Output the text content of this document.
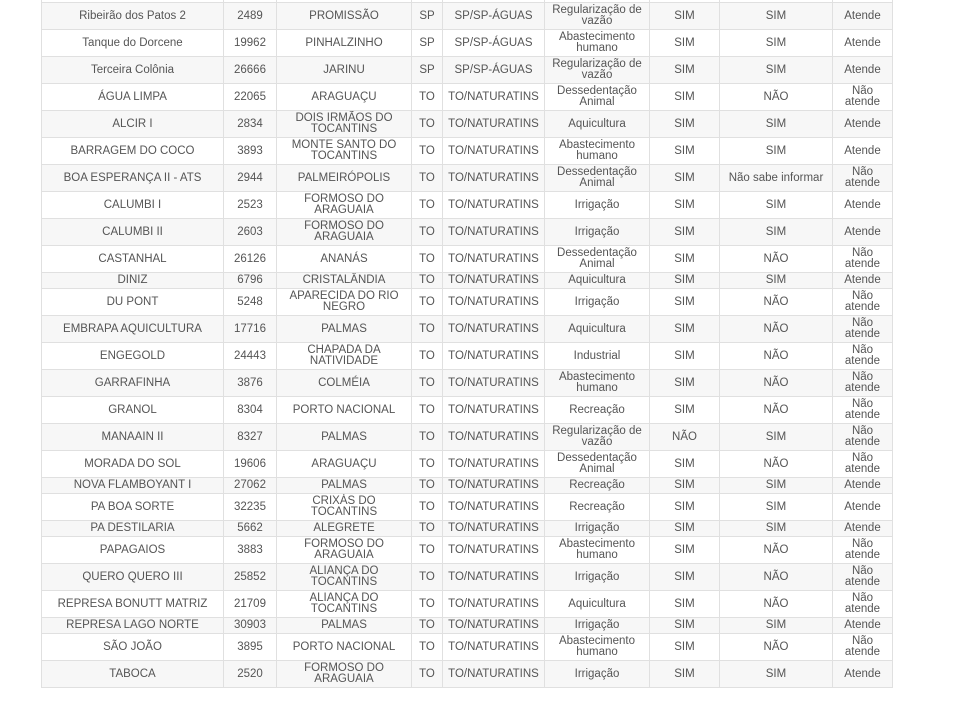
Ribeirão dos Patos 2	2489	PROMISSÃO	SP	SP/SP-ÁGUAS	Regularização de vazão	SIM	SIM	Atende
Tanque do Dorcene	19962	PINHALZINHO	SP	SP/SP-ÁGUAS	Abastecimento humano	SIM	SIM	Atende
Terceira Colônia	26666	JARINU	SP	SP/SP-ÁGUAS	Regularização de vazão	SIM	SIM	Atende
ÁGUA LIMPA	22065	ARAGUAÇU	TO	TO/NATURATINS	Dessedentação Animal	SIM	NÃO	Não atende
ALCIR I	2834	DOIS IRMÃOS DO TOCANTINS	TO	TO/NATURATINS	Aquicultura	SIM	SIM	Atende
BARRAGEM DO COCO	3893	MONTE SANTO DO TOCANTINS	TO	TO/NATURATINS	Abastecimento humano	SIM	SIM	Atende
BOA ESPERANÇA II - ATS	2944	PALMEIRÓPOLIS	TO	TO/NATURATINS	Dessedentação Animal	SIM	Não sabe informar	Não atende
CALUMBI I	2523	FORMOSO DO ARAGUAIA	TO	TO/NATURATINS	Irrigação	SIM	SIM	Atende
CALUMBI II	2603	FORMOSO DO ARAGUAIA	TO	TO/NATURATINS	Irrigação	SIM	SIM	Atende
CASTANHAL	26126	ANANÁS	TO	TO/NATURATINS	Dessedentação Animal	SIM	NÃO	Não atende
DINIZ	6796	CRISTALÂNDIA	TO	TO/NATURATINS	Aquicultura	SIM	SIM	Atende
DU PONT	5248	APARECIDA DO RIO NEGRO	TO	TO/NATURATINS	Irrigação	SIM	NÃO	Não atende
EMBRAPA AQUICULTURA	17716	PALMAS	TO	TO/NATURATINS	Aquicultura	SIM	NÃO	Não atende
ENGEGOLD	24443	CHAPADA DA NATIVIDADE	TO	TO/NATURATINS	Industrial	SIM	NÃO	Não atende
GARRAFINHA	3876	COLMÉIA	TO	TO/NATURATINS	Abastecimento humano	SIM	NÃO	Não atende
GRANOL	8304	PORTO NACIONAL	TO	TO/NATURATINS	Recreação	SIM	NÃO	Não atende
MANAAIN II	8327	PALMAS	TO	TO/NATURATINS	Regularização de vazão	NÃO	SIM	Não atende
MORADA DO SOL	19606	ARAGUAÇU	TO	TO/NATURATINS	Dessedentação Animal	SIM	NÃO	Não atende
NOVA FLAMBOYANT I	27062	PALMAS	TO	TO/NATURATINS	Recreação	SIM	SIM	Atende
PA BOA SORTE	32235	CRIXÁS DO TOCANTINS	TO	TO/NATURATINS	Recreação	SIM	SIM	Atende
PA DESTILARIA	5662	ALEGRETE	TO	TO/NATURATINS	Irrigação	SIM	SIM	Atende
PAPAGAIOS	3883	FORMOSO DO ARAGUAIA	TO	TO/NATURATINS	Abastecimento humano	SIM	NÃO	Não atende
QUERO QUERO III	25852	ALIANÇA DO TOCANTINS	TO	TO/NATURATINS	Irrigação	SIM	NÃO	Não atende
REPRESA BONUTT MATRIZ	21709	ALIANÇA DO TOCANTINS	TO	TO/NATURATINS	Aquicultura	SIM	NÃO	Não atende
REPRESA LAGO NORTE	30903	PALMAS	TO	TO/NATURATINS	Irrigação	SIM	SIM	Atende
SÃO JOÃO	3895	PORTO NACIONAL	TO	TO/NATURATINS	Abastecimento humano	SIM	NÃO	Não atende
TABOCA	2520	FORMOSO DO ARAGUAIA	TO	TO/NATURATINS	Irrigação	SIM	SIM	Atende
